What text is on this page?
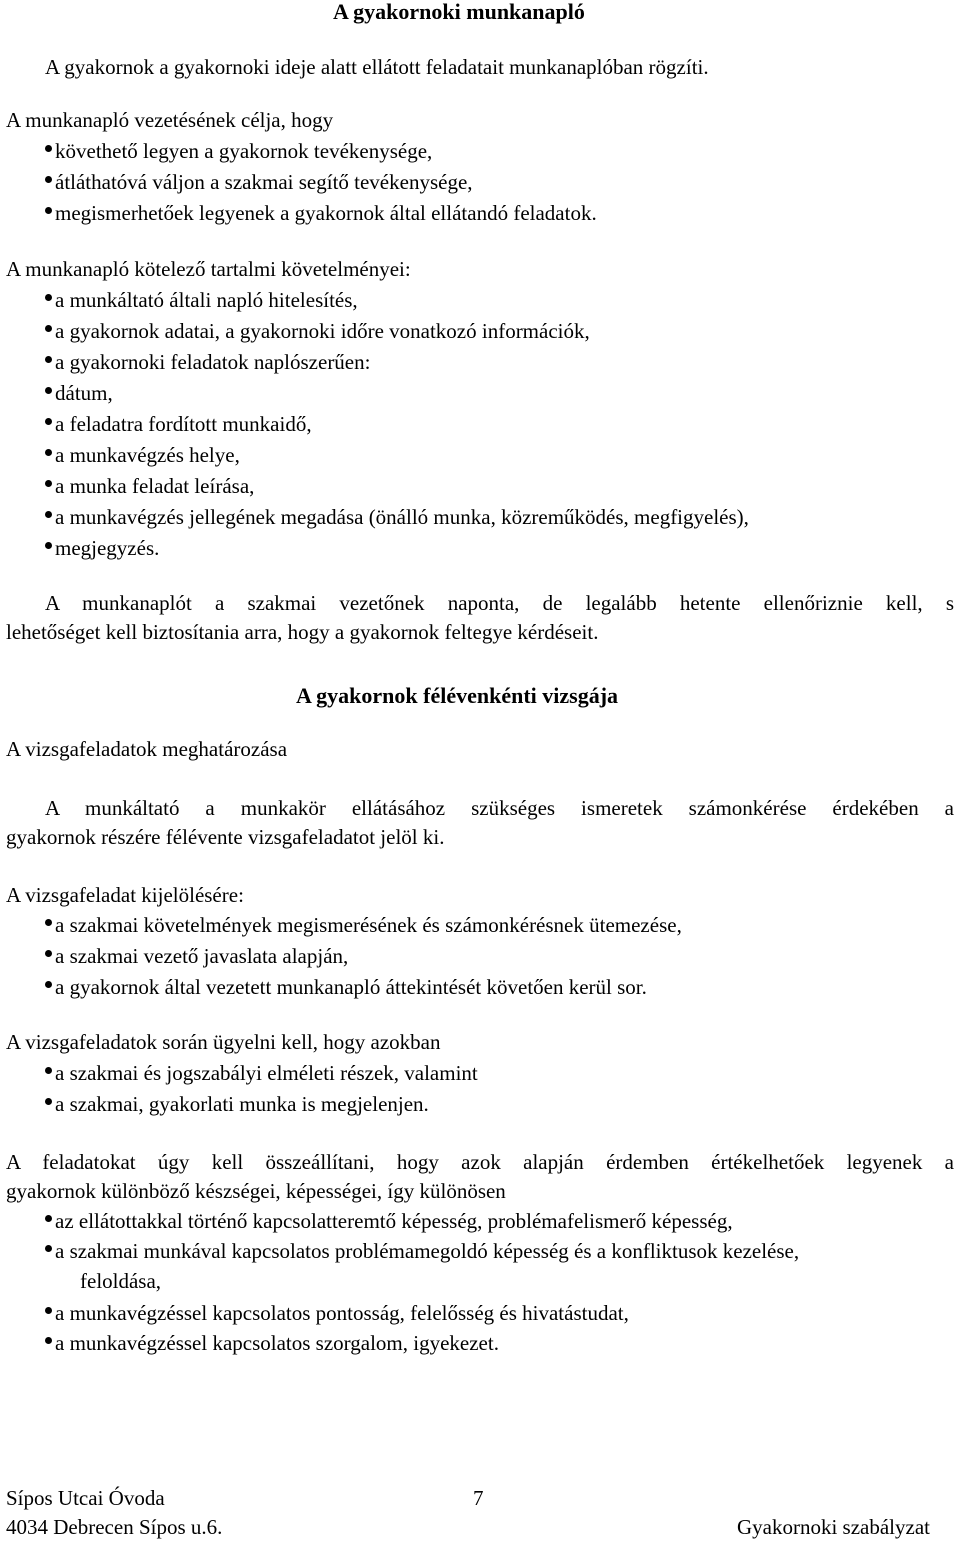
A gyakornoki munkanapló
A gyakornok a gyakornoki ideje alatt ellátott feladatait munkanaplóban rögzíti.
A munkanapló vezetésének célja, hogy
követhető legyen a gyakornok tevékenysége,
átláthatóvá váljon a szakmai segítő tevékenysége,
megismerhetőek legyenek a gyakornok által ellátandó feladatok.
A munkanapló kötelező tartalmi követelményei:
a munkáltató általi napló hitelesítés,
a gyakornok adatai, a gyakornoki időre vonatkozó információk,
a gyakornoki feladatok naplószerűen:
dátum,
a feladatra fordított munkaidő,
a munkavégzés helye,
a munka feladat leírása,
a munkavégzés jellegének megadása (önálló munka, közreműködés, megfigyelés),
megjegyzés.
A munkanaplót a szakmai vezetőnek naponta, de legalább hetente ellenőriznie kell, s
lehetőséget kell biztosítania arra, hogy a gyakornok feltegye kérdéseit.
A gyakornok félévenkénti vizsgája
A vizsgafeladatok meghatározása
A munkáltató a munkakör ellátásához szükséges ismeretek számonkérése érdekében a
gyakornok részére félévente vizsgafeladatot jelöl ki.
A vizsgafeladat kijelölésére:
a szakmai követelmények megismerésének és számonkérésnek ütemezése,
a szakmai vezető javaslata alapján,
a gyakornok által vezetett munkanapló áttekintését követően kerül sor.
A vizsgafeladatok során ügyelni kell, hogy azokban
a szakmai és jogszabályi elméleti részek, valamint
a szakmai, gyakorlati munka is megjelenjen.
A feladatokat úgy kell összeállítani, hogy azok alapján érdemben értékelhetőek legyenek a
gyakornok különböző készségei, képességei, így különösen
az ellátottakkal történő kapcsolatteremtő képesség, problémafelismerő képesség,
a szakmai munkával kapcsolatos problémamegoldó képesség és a konfliktusok kezelése,
feloldása,
a munkavégzéssel kapcsolatos pontosság, felelősség és hivatástudat,
a munkavégzéssel kapcsolatos szorgalom, igyekezet.
Sípos Utcai Óvoda	7
4034 Debrecen Sípos u.6.	Gyakornoki szabályzat
